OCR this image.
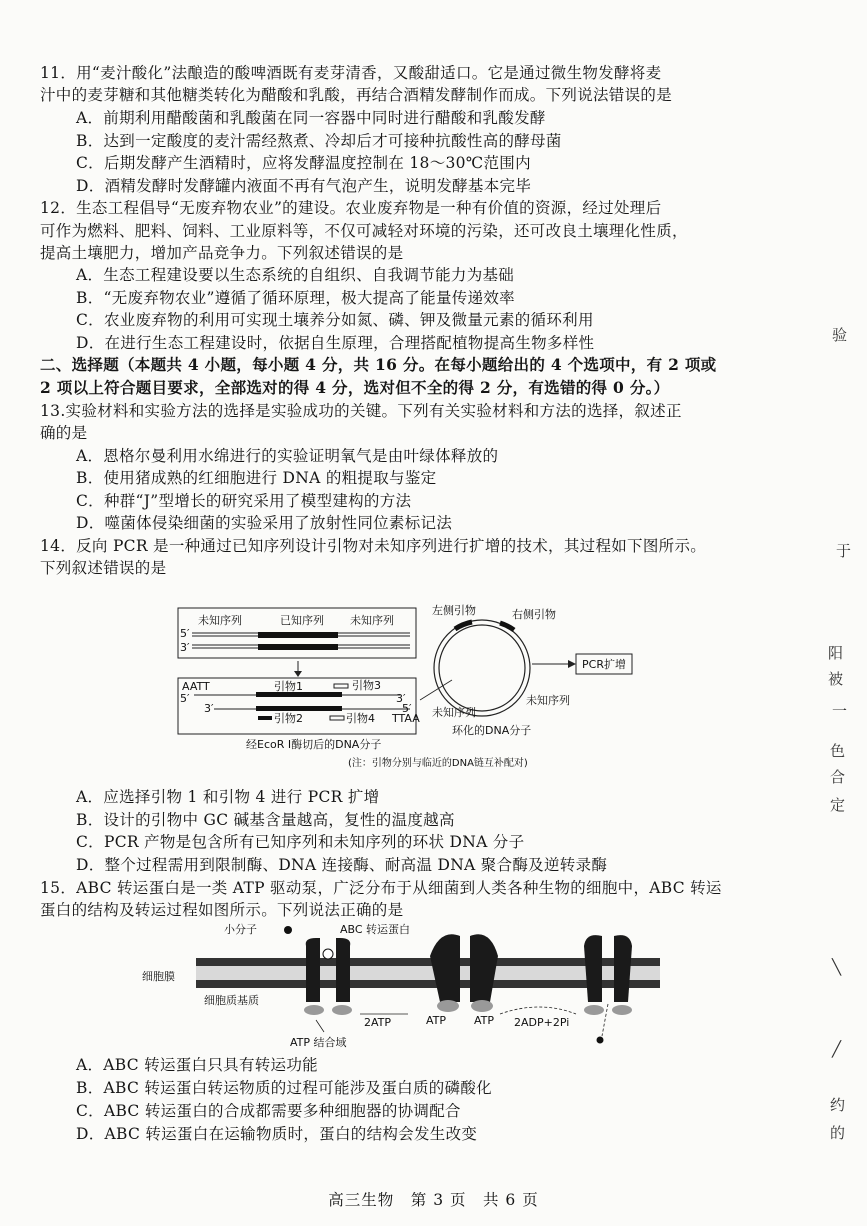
11．用“麦汁酸化”法酿造的酸啤酒既有麦芽清香，又酸甜适口。它是通过微生物发酵将麦
汁中的麦芽糖和其他糖类转化为醋酸和乳酸，再结合酒精发酵制作而成。下列说法错误的是
A．前期利用醋酸菌和乳酸菌在同一容器中同时进行醋酸和乳酸发酵
B．达到一定酸度的麦汁需经熬煮、冷却后才可接种抗酸性高的酵母菌
C．后期发酵产生酒精时，应将发酵温度控制在 18～30℃范围内
D．酒精发酵时发酵罐内液面不再有气泡产生，说明发酵基本完毕
12．生态工程倡导“无废弃物农业”的建设。农业废弃物是一种有价值的资源，经过处理后
可作为燃料、肥料、饲料、工业原料等，不仅可减轻对环境的污染，还可改良土壤理化性质，
提高土壤肥力，增加产品竞争力。下列叙述错误的是
A．生态工程建设要以生态系统的自组织、自我调节能力为基础
B．“无废弃物农业”遵循了循环原理，极大提高了能量传递效率
C．农业废弃物的利用可实现土壤养分如氮、磷、钾及微量元素的循环利用
D．在进行生态工程建设时，依据自生原理，合理搭配植物提高生物多样性
二、选择题（本题共 4 小题，每小题 4 分，共 16 分。在每小题给出的 4 个选项中，有 2 项或
2 项以上符合题目要求，全部选对的得 4 分，选对但不全的得 2 分，有选错的得 0 分。）
13.实验材料和实验方法的选择是实验成功的关键。下列有关实验材料和方法的选择，叙述正
确的是
A．恩格尔曼利用水绵进行的实验证明氧气是由叶绿体释放的
B．使用猪成熟的红细胞进行 DNA 的粗提取与鉴定
C．种群“J”型增长的研究采用了模型建构的方法
D．噬菌体侵染细菌的实验采用了放射性同位素标记法
14．反向 PCR 是一种通过已知序列设计引物对未知序列进行扩增的技术，其过程如下图所示。
下列叙述错误的是
未知序列	已知序列 未知序列
5′
3′
AATT
5′	3′
引物1	引物3
3′	5′
引物2	引物4 TTAA
经EcoR Ⅰ酶切后的DNA分子
左侧引物	右侧引物
PCR扩增
未知序列
未知序列
环化的DNA分子
(注：引物分别与临近的DNA链互补配对)
A．应选择引物 1 和引物 4 进行 PCR 扩增
B．设计的引物中 GC 碱基含量越高，复性的温度越高
C．PCR 产物是包含所有已知序列和未知序列的环状 DNA 分子
D．整个过程需用到限制酶、DNA 连接酶、耐高温 DNA 聚合酶及逆转录酶
15．ABC 转运蛋白是一类 ATP 驱动泵，广泛分布于从细菌到人类各种生物的细胞中，ABC 转运
蛋白的结构及转运过程如图所示。下列说法正确的是
细胞膜
细胞质基质
小分子	ABC 转运蛋白
ATP 结合域
2ATP	ATP	ATP 2ADP+2Pi
A．ABC 转运蛋白只具有转运功能
B．ABC 转运蛋白转运物质的过程可能涉及蛋白质的磷酸化
C．ABC 转运蛋白的合成都需要多种细胞器的协调配合
D．ABC 转运蛋白在运输物质时，蛋白的结构会发生改变
高三生物　第 3 页　共 6 页
验
于
阳
被
一
色
合
定
╲
╱
约
的
